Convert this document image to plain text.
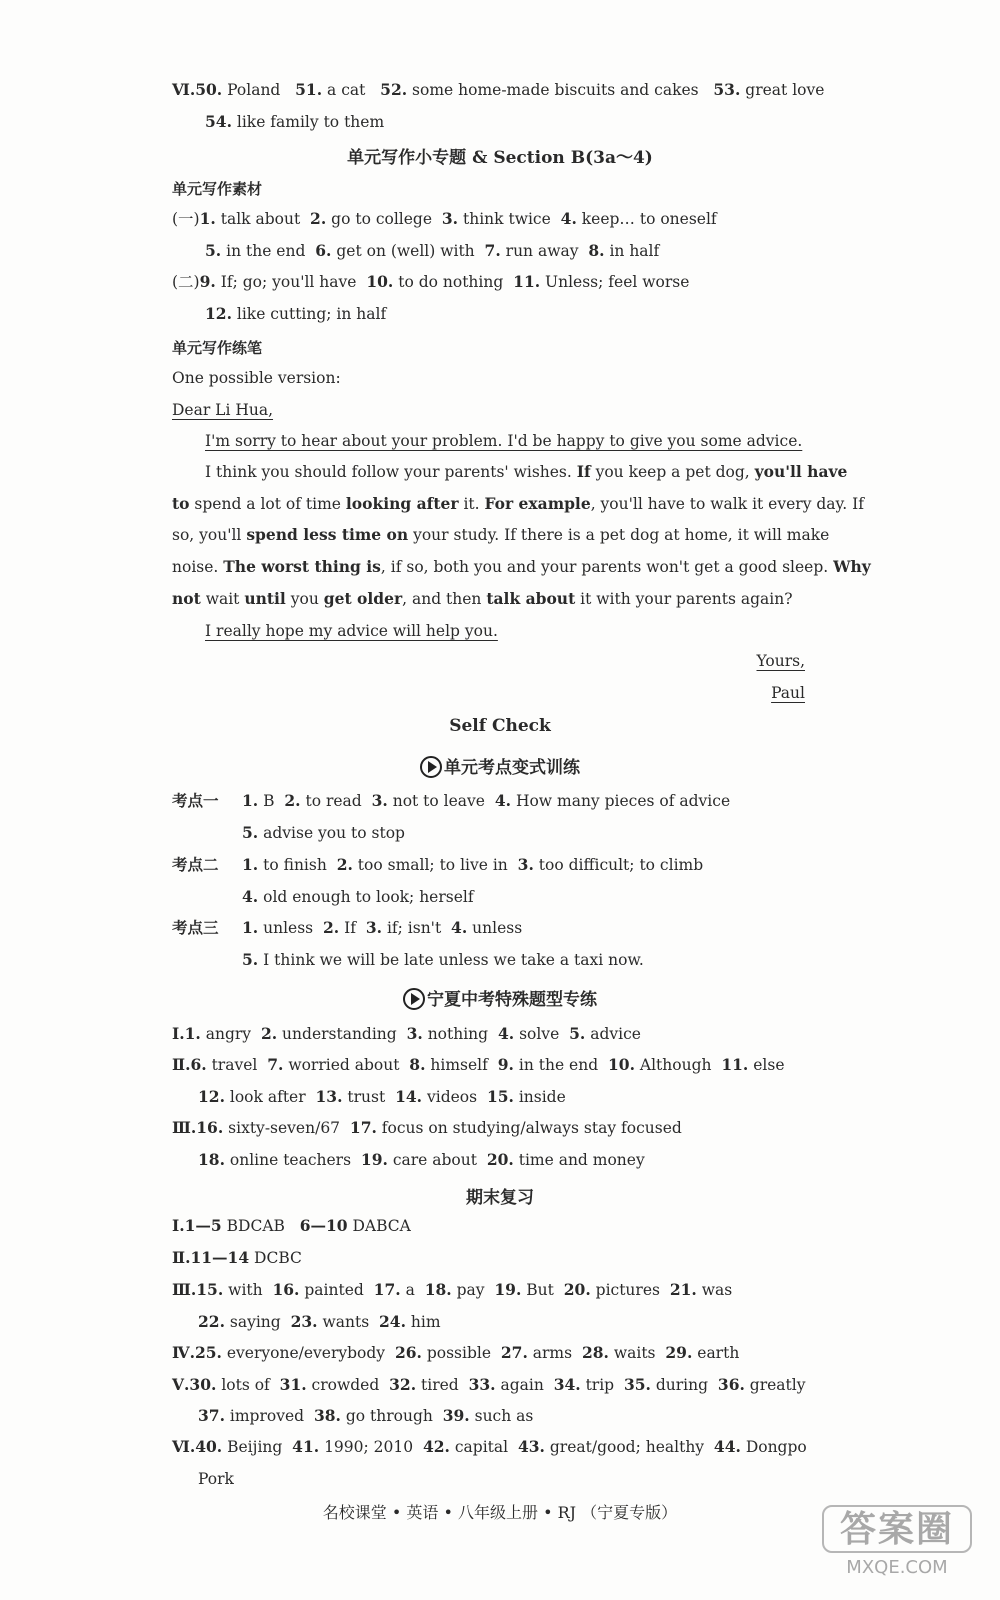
Ⅵ.50. Poland   51. a cat   52. some home-made biscuits and cakes   53. great love
54. like family to them
单元写作小专题 & Section B(3a～4)
单元写作素材
(一)1. talk about  2. go to college  3. think twice  4. keep… to oneself
5. in the end  6. get on (well) with  7. run away  8. in half
(二)9. If; go; you'll have  10. to do nothing  11. Unless; feel worse
12. like cutting; in half
单元写作练笔
One possible version:
Dear Li Hua,
I'm sorry to hear about your problem. I'd be happy to give you some advice.
I think you should follow your parents' wishes. If you keep a pet dog, you'll have
to spend a lot of time looking after it. For example, you'll have to walk it every day. If
so, you'll spend less time on your study. If there is a pet dog at home, it will make
noise. The worst thing is, if so, both you and your parents won't get a good sleep. Why
not wait until you get older, and then talk about it with your parents again?
I really hope my advice will help you.
Yours,
Paul
Self Check
单元考点变式训练
考点一 1. B  2. to read  3. not to leave  4. How many pieces of advice
5. advise you to stop
考点二 1. to finish  2. too small; to live in  3. too difficult; to climb
4. old enough to look; herself
考点三 1. unless  2. If  3. if; isn't  4. unless
5. I think we will be late unless we take a taxi now.
宁夏中考特殊题型专练
Ⅰ.1. angry  2. understanding  3. nothing  4. solve  5. advice
Ⅱ.6. travel  7. worried about  8. himself  9. in the end  10. Although  11. else
12. look after  13. trust  14. videos  15. inside
Ⅲ.16. sixty-seven/67  17. focus on studying/always stay focused
18. online teachers  19. care about  20. time and money
期末复习
Ⅰ.1—5 BDCAB   6—10 DABCA
Ⅱ.11—14 DCBC
Ⅲ.15. with  16. painted  17. a  18. pay  19. But  20. pictures  21. was
22. saying  23. wants  24. him
Ⅳ.25. everyone/everybody  26. possible  27. arms  28. waits  29. earth
Ⅴ.30. lots of  31. crowded  32. tired  33. again  34. trip  35. during  36. greatly
37. improved  38. go through  39. such as
Ⅵ.40. Beijing  41. 1990; 2010  42. capital  43. great/good; healthy  44. Dongpo
Pork
名校课堂 • 英语 • 八年级上册 • RJ （宁夏专版）	答案圈
MXQE.COM
